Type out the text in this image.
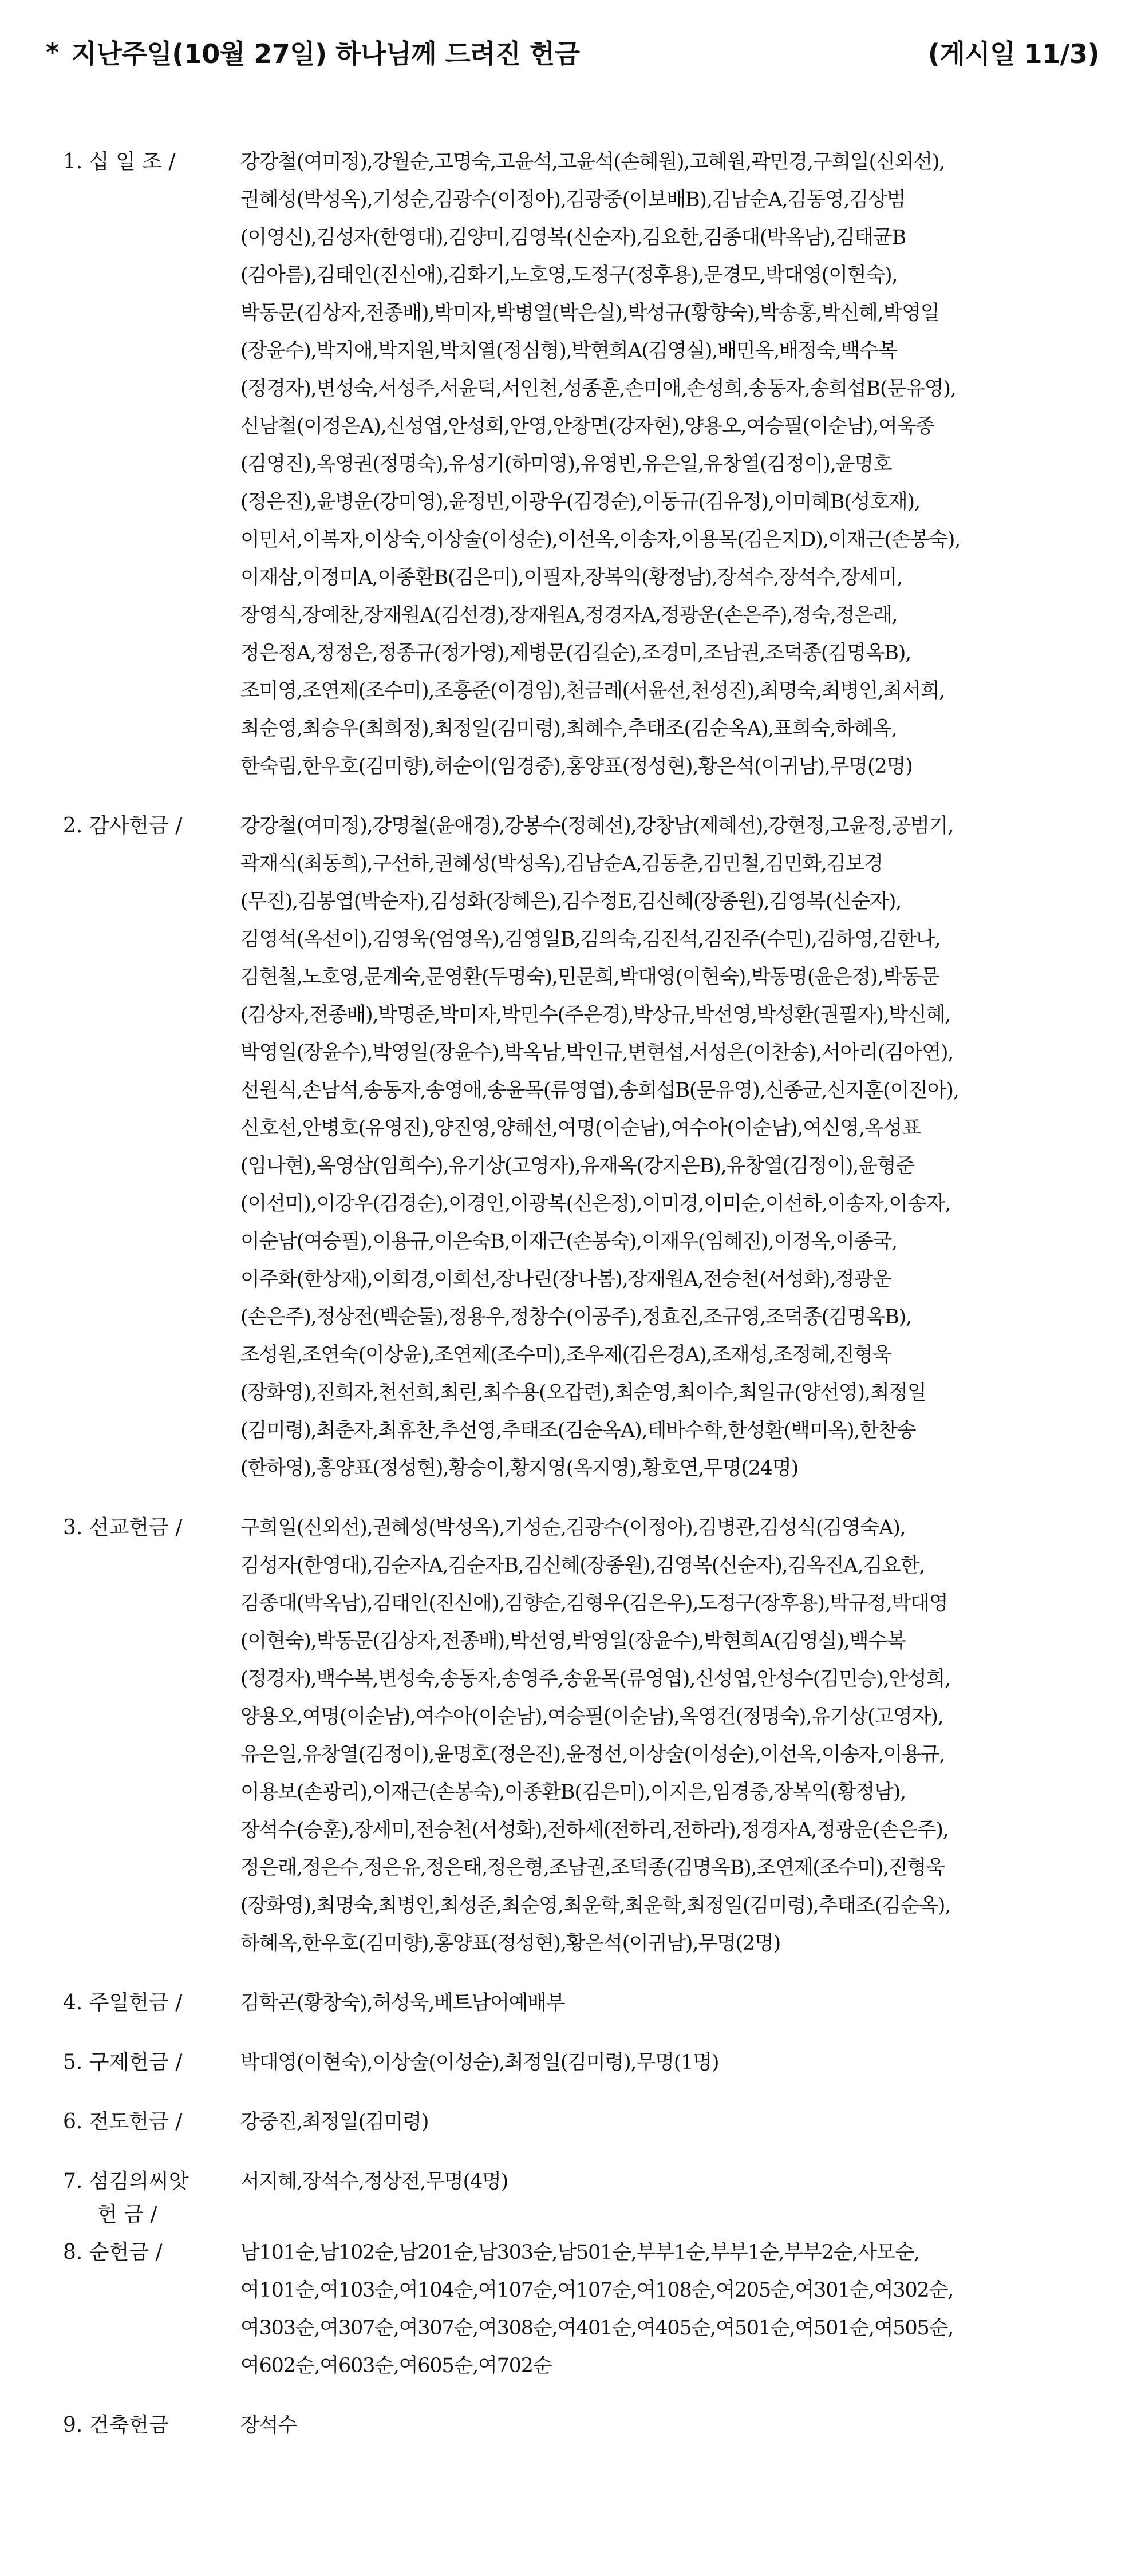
* 지난주일(10월 27일) 하나님께 드려진 헌금	(게시일 11/3)
1. 십 일 조 /	강강철(여미정),강월순,고명숙,고윤석,고윤석(손혜원),고혜원,곽민경,구희일(신외선),
권혜성(박성옥),기성순,김광수(이정아),김광중(이보배B),김남순A,김동영,김상범
(이영신),김성자(한영대),김양미,김영복(신순자),김요한,김종대(박옥남),김태균B
(김아름),김태인(진신애),김화기,노호영,도정구(정후용),문경모,박대영(이현숙),
박동문(김상자,전종배),박미자,박병열(박은실),박성규(황향숙),박송홍,박신혜,박영일
(장윤수),박지애,박지원,박치열(정심형),박현희A(김영실),배민옥,배정숙,백수복
(정경자),변성숙,서성주,서윤덕,서인천,성종훈,손미애,손성희,송동자,송희섭B(문유영),
신남철(이정은A),신성엽,안성희,안영,안창면(강자현),양용오,여승필(이순남),여욱종
(김영진),옥영권(정명숙),유성기(하미영),유영빈,유은일,유창열(김정이),윤명호
(정은진),윤병운(강미영),윤정빈,이광우(김경순),이동규(김유정),이미혜B(성호재),
이민서,이복자,이상숙,이상술(이성순),이선옥,이송자,이용목(김은지D),이재근(손봉숙),
이재삼,이정미A,이종환B(김은미),이필자,장복익(황정남),장석수,장석수,장세미,
장영식,장예찬,장재원A(김선경),장재원A,정경자A,정광운(손은주),정숙,정은래,
정은정A,정정은,정종규(정가영),제병문(김길순),조경미,조남권,조덕종(김명옥B),
조미영,조연제(조수미),조흥준(이경임),천금례(서윤선,천성진),최명숙,최병인,최서희,
최순영,최승우(최희정),최정일(김미령),최혜수,추태조(김순옥A),표희숙,하혜옥,
한숙림,한우호(김미향),허순이(임경중),홍양표(정성현),황은석(이귀남),무명(2명)
2. 감사헌금 /	강강철(여미정),강명철(윤애경),강봉수(정혜선),강창남(제혜선),강현정,고윤정,공범기,
곽재식(최동희),구선하,권혜성(박성옥),김남순A,김동춘,김민철,김민화,김보경
(무진),김봉엽(박순자),김성화(장혜은),김수정E,김신혜(장종원),김영복(신순자),
김영석(옥선이),김영욱(엄영옥),김영일B,김의숙,김진석,김진주(수민),김하영,김한나,
김현철,노호영,문계숙,문영환(두명숙),민문희,박대영(이현숙),박동명(윤은정),박동문
(김상자,전종배),박명준,박미자,박민수(주은경),박상규,박선영,박성환(권필자),박신혜,
박영일(장윤수),박영일(장윤수),박옥남,박인규,변현섭,서성은(이찬송),서아리(김아연),
선원식,손남석,송동자,송영애,송윤목(류영엽),송희섭B(문유영),신종균,신지훈(이진아),
신호선,안병호(유영진),양진영,양해선,여명(이순남),여수아(이순남),여신영,옥성표
(임나현),옥영삼(임희수),유기상(고영자),유재옥(강지은B),유창열(김정이),윤형준
(이선미),이강우(김경순),이경인,이광복(신은정),이미경,이미순,이선하,이송자,이송자,
이순남(여승필),이용규,이은숙B,이재근(손봉숙),이재우(임혜진),이정옥,이종국,
이주화(한상재),이희경,이희선,장나린(장나봄),장재원A,전승천(서성화),정광운
(손은주),정상전(백순둘),정용우,정창수(이공주),정효진,조규영,조덕종(김명옥B),
조성원,조연숙(이상윤),조연제(조수미),조우제(김은경A),조재성,조정헤,진형욱
(장화영),진희자,천선희,최린,최수용(오갑련),최순영,최이수,최일규(양선영),최정일
(김미령),최춘자,최휴찬,추선영,추태조(김순옥A),테바수학,한성환(백미옥),한찬송
(한하영),홍양표(정성현),황승이,황지영(옥지영),황호연,무명(24명)
3. 선교헌금 /	구희일(신외선),권혜성(박성옥),기성순,김광수(이정아),김병관,김성식(김영숙A),
김성자(한영대),김순자A,김순자B,김신혜(장종원),김영복(신순자),김옥진A,김요한,
김종대(박옥남),김태인(진신애),김향순,김형우(김은우),도정구(장후용),박규정,박대영
(이현숙),박동문(김상자,전종배),박선영,박영일(장윤수),박현희A(김영실),백수복
(정경자),백수복,변성숙,송동자,송영주,송윤목(류영엽),신성엽,안성수(김민승),안성희,
양용오,여명(이순남),여수아(이순남),여승필(이순남),옥영건(정명숙),유기상(고영자),
유은일,유창열(김정이),윤명호(정은진),윤정선,이상술(이성순),이선옥,이송자,이용규,
이용보(손광리),이재근(손봉숙),이종환B(김은미),이지은,임경중,장복익(황정남),
장석수(승훈),장세미,전승천(서성화),전하세(전하리,전하라),정경자A,정광운(손은주),
정은래,정은수,정은유,정은태,정은형,조남권,조덕종(김명옥B),조연제(조수미),진형욱
(장화영),최명숙,최병인,최성준,최순영,최운학,최운학,최정일(김미령),추태조(김순옥),
하혜옥,한우호(김미향),홍양표(정성현),황은석(이귀남),무명(2명)
4. 주일헌금 /	김학곤(황창숙),허성욱,베트남어예배부
5. 구제헌금 /	박대영(이현숙),이상술(이성순),최정일(김미령),무명(1명)
6. 전도헌금 /	강중진,최정일(김미령)
7. 섬김의씨앗
헌 금 /
서지혜,장석수,정상전,무명(4명)
8. 순헌금 /	남101순,남102순,남201순,남303순,남501순,부부1순,부부1순,부부2순,사모순,
여101순,여103순,여104순,여107순,여107순,여108순,여205순,여301순,여302순,
여303순,여307순,여307순,여308순,여401순,여405순,여501순,여501순,여505순,
여602순,여603순,여605순,여702순
9. 건축헌금	장석수
